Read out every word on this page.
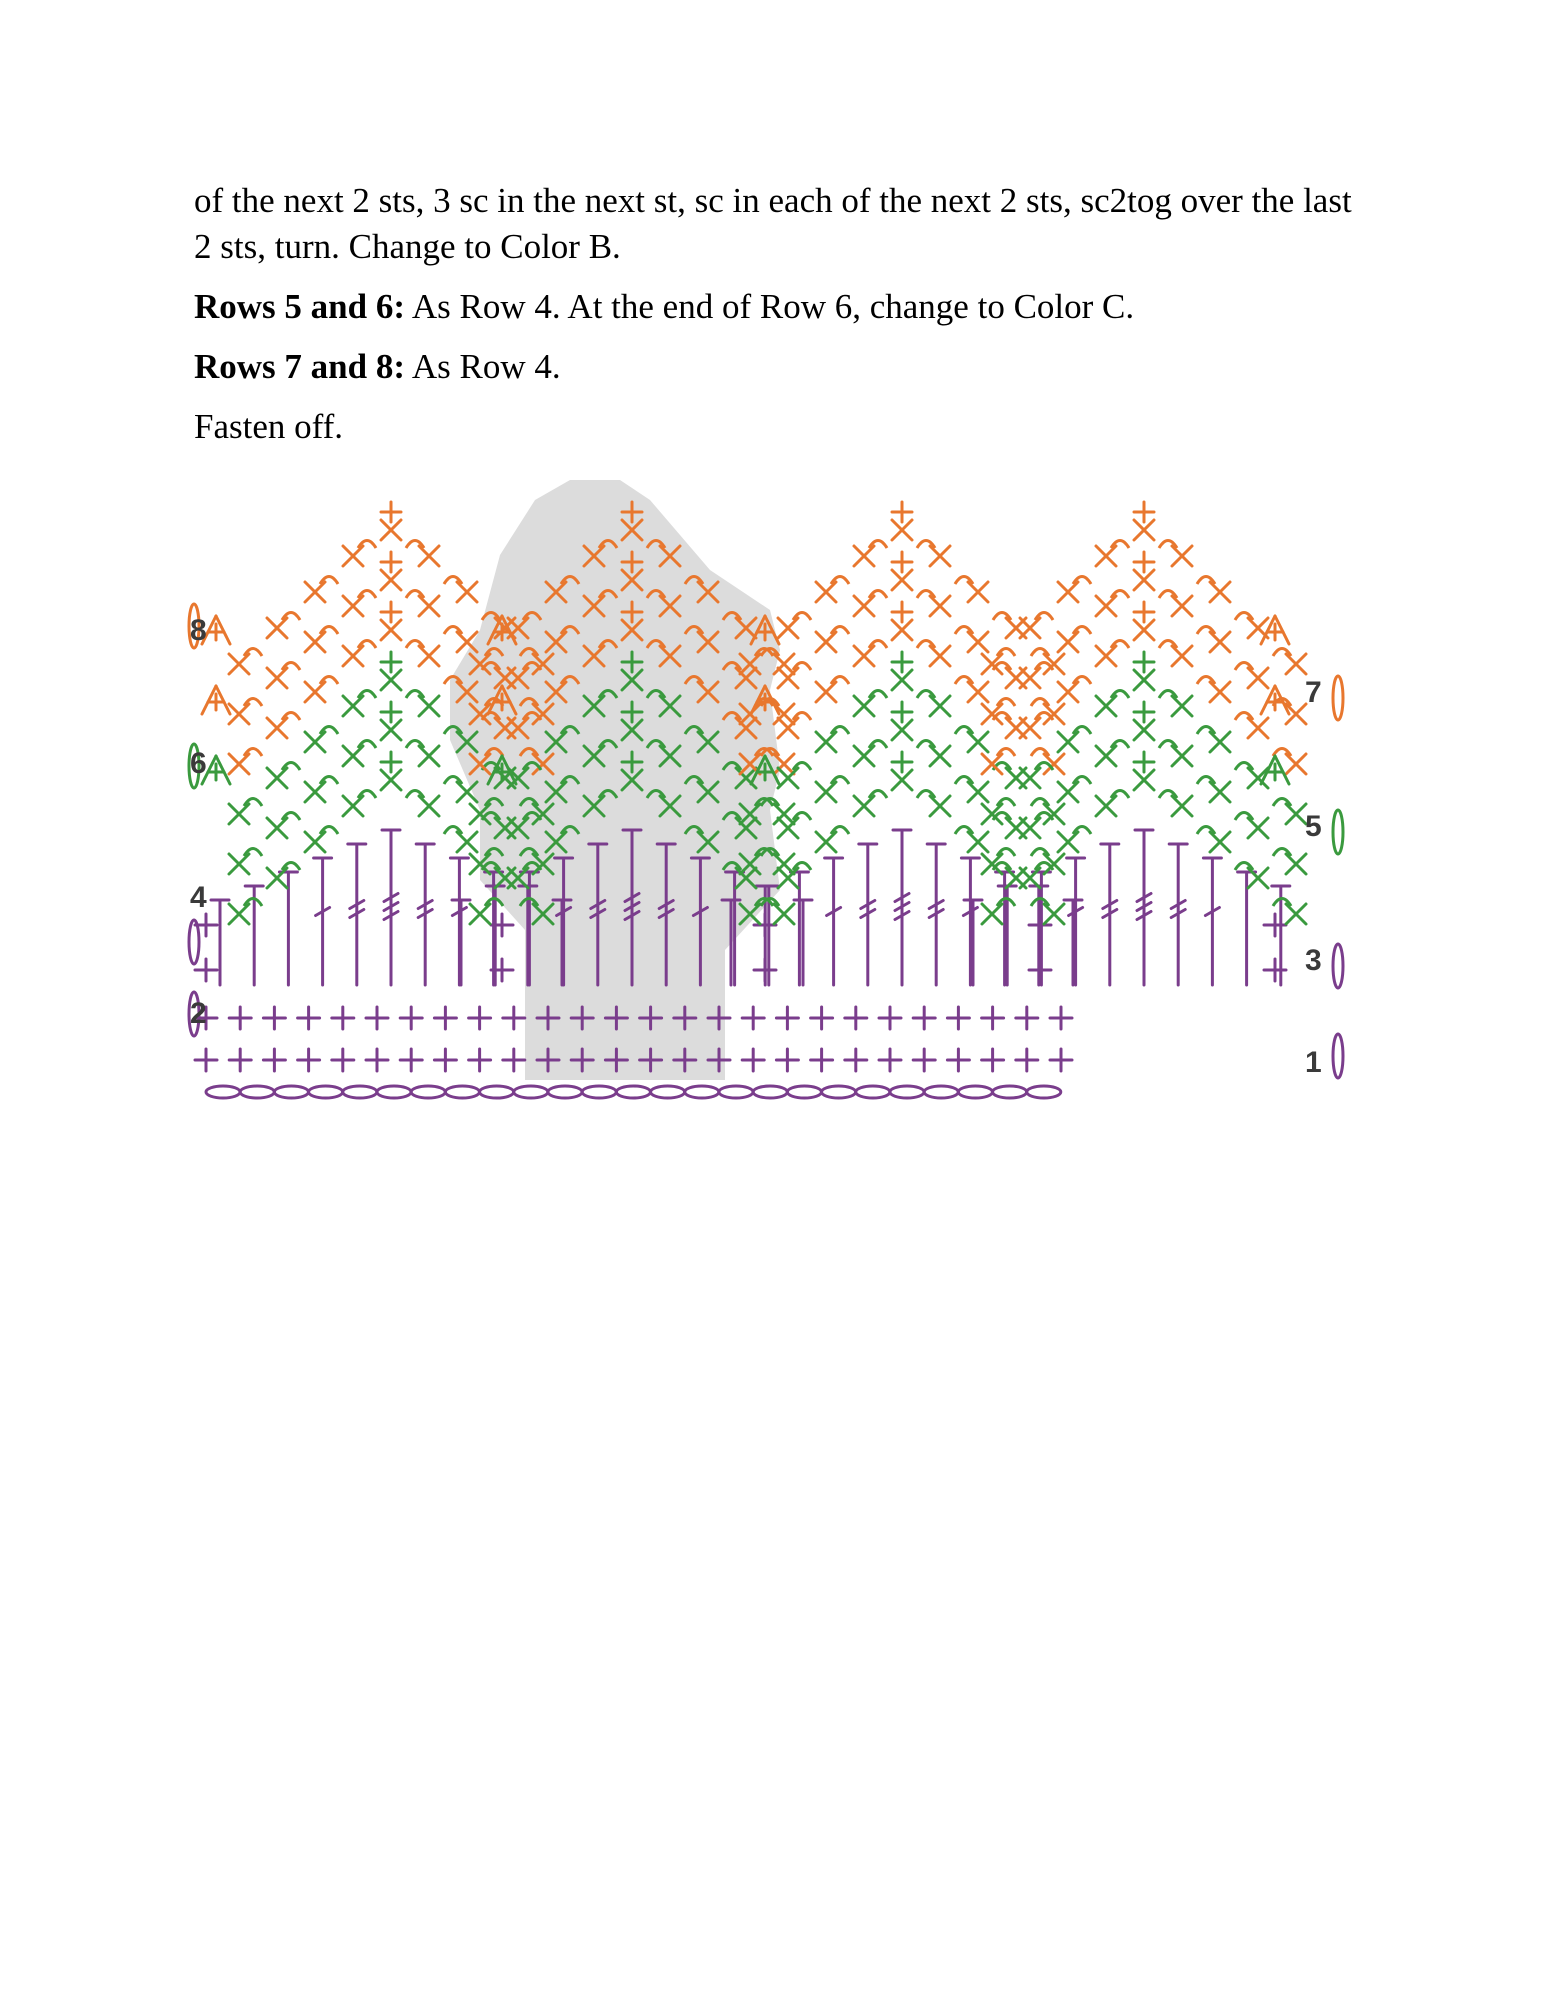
of the next 2 sts, 3 sc in the next st, sc in each of the next 2 sts, sc2tog over the last 2 sts, turn. Change to Color B.

Rows 5 and 6: As Row 4. At the end of Row 6, change to Color C.

Rows 7 and 8: As Row 4.

Fasten off.

8
6
4
2
7
5
3
1
